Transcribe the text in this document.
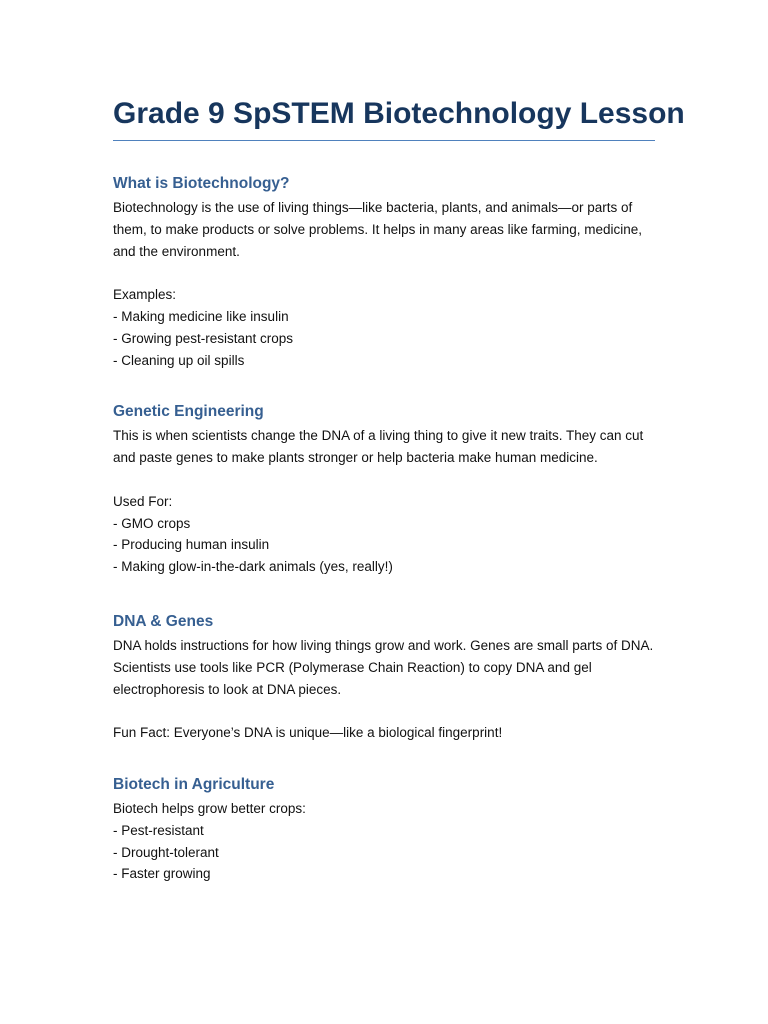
Grade 9 SpSTEM Biotechnology Lesson
What is Biotechnology?

Biotechnology is the use of living things—like bacteria, plants, and animals—or parts of them, to make products or solve problems. It helps in many areas like farming, medicine, and the environment.

Examples:

- Making medicine like insulin
- Growing pest-resistant crops
- Cleaning up oil spills
Genetic Engineering

This is when scientists change the DNA of a living thing to give it new traits. They can cut and paste genes to make plants stronger or help bacteria make human medicine.

Used For:

- GMO crops
- Producing human insulin
- Making glow-in-the-dark animals (yes, really!)
DNA & Genes

DNA holds instructions for how living things grow and work. Genes are small parts of DNA. Scientists use tools like PCR (Polymerase Chain Reaction) to copy DNA and gel electrophoresis to look at DNA pieces.

Fun Fact: Everyone’s DNA is unique—like a biological fingerprint!

Biotech in Agriculture

Biotech helps grow better crops:

- Pest-resistant
- Drought-tolerant
- Faster growing
